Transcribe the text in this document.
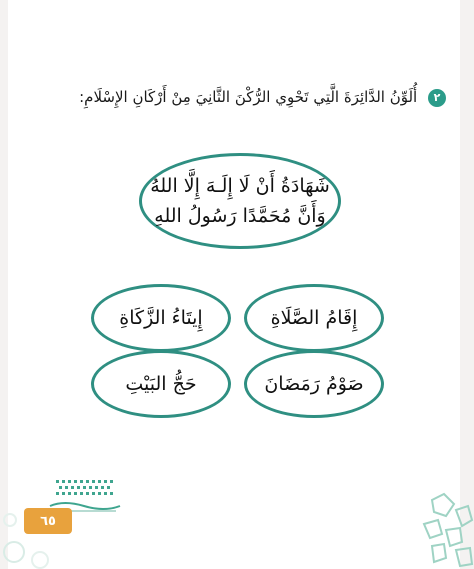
٢ أُلَوِّنُ الدَّائِرَةَ الَّتِي تَحْوِي الرُّكْنَ الثَّانِيَ مِنْ أَرْكَانِ الإِسْلَامِ:
شَهَادَةُ أَنْ لَا إِلَـهَ إِلَّا اللهُ
وَأَنَّ مُحَمَّدًا رَسُولُ اللهِ
إِقَامُ الصَّلَاةِ
إِيتَاءُ الزَّكَاةِ
صَوْمُ رَمَضَانَ
حَجُّ البَيْتِ
٦٥
